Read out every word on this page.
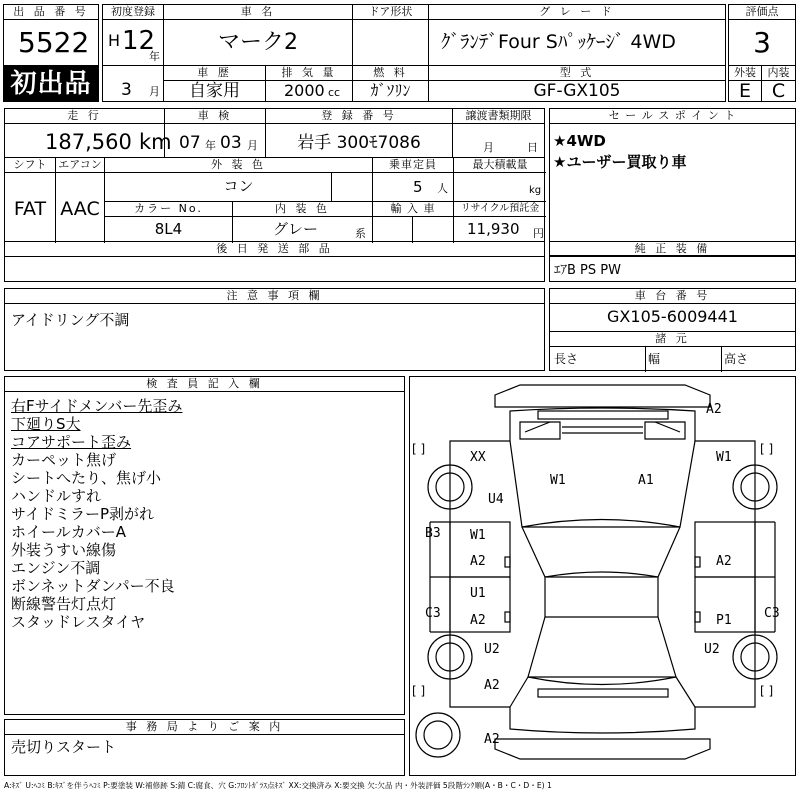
出 品 番 号
5522
初出品
初度登録
H 12
年
3 月
車 名
マーク2
ドア形状	グ レ ー ド
ｸﾞﾗﾝﾃﾞFour Sﾊﾟｯｹｰｼﾞ 4WD
評価点
3
車 歴
自家用
排 気 量
2000 cc
燃 料
ｶﾞｿﾘﾝ
型 式
GF-GX105
外装
E
内装
C
走 行
187,560 km
車 検
07 年 03 月
登 録 番 号
岩手 300ﾓ7086
譲渡書類期限
月	日
セ ー ル ス ポ イ ン ト
★4WD
★ユーザー買取り車
シフト
FAT
エアコン
AAC
外 装 色
コン
乗車定員
5 人
最大積載量
kg
カラー No.
8L4
内 装 色
グレー	系
輸 入 車	リサイクル預託金
11,930 円
後 日 発 送 部 品	純 正 装 備
ｴｱB PS PW
注 意 事 項 欄
アイドリング不調
車 台 番 号
GX105-6009441
諸 元
長さ	幅	高さ
検 査 員 記 入 欄
右Fサイドメンバー先歪み
下廻りS大
コアサポート歪み
カーペット焦げ
シートへたり、焦げ小
ハンドルすれ
サイドミラーP剥がれ
ホイールカバーA
外装うすい線傷
エンジン不調
ボンネットダンパー不良
断線警告灯点灯
スタッドレスタイヤ
事 務 局 よ り ご 案 内
売切りスタート
[ ]	[ ]
[ ]	[ ]
A2
XX	W1
U4
W1	A1
B3 W1
A2
U1
A2
A2
P1
C3	C3
U2	U2
A2
A2
A:ｷｽﾞ U:ﾍｺﾐ B:ｷｽﾞを伴うﾍｺﾐ P:要塗装 W:補修跡 S:錆 C:腐食、穴 G:ﾌﾛﾝﾄｶﾞﾗｽ点ｷｽﾞ XX:交換済み X:要交換 欠:欠品 内・外装評価 5段階ﾗﾝｸ順(A・B・C・D・E) 1
